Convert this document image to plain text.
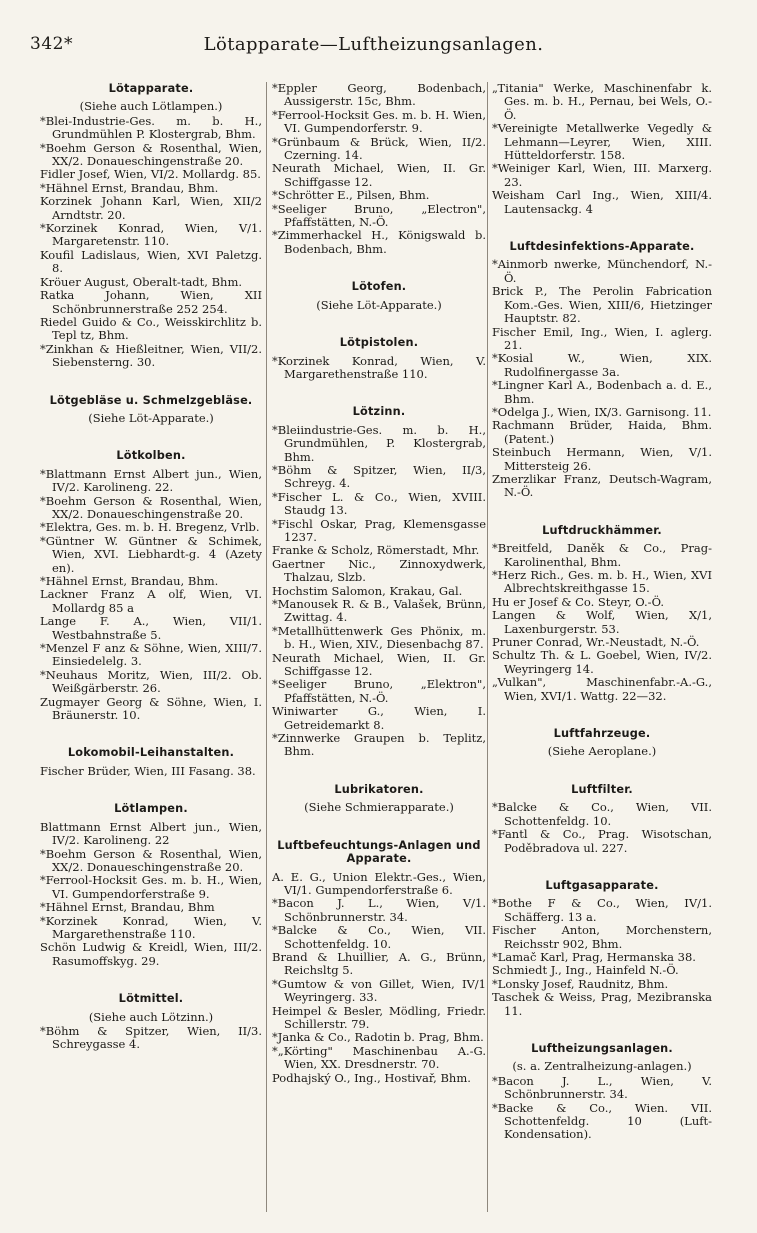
342*	Lötapparate—Luftheizungsanlagen.
Lötapparate.
(Siehe auch Lötlampen.)
*Blei-Industrie-Ges. m. b. H., Grundmühlen P. Klostergrab, Bhm.
*Boehm Gerson & Rosenthal, Wien, XX/2. Donaueschingenstraße 20.
Fidler Josef, Wien, VI/2. Mollardg. 85.
*Hähnel Ernst, Brandau, Bhm.
Korzinek Johann Karl, Wien, XII/2 Arndtstr. 20.
*Korzinek Konrad, Wien, V/1. Margaretenstr. 110.
Koufil Ladislaus, Wien, XVI Paletzg. 8.
Kröuer August, Oberalt-tadt, Bhm.
Ratka Johann, Wien, XII Schönbrunnerstraße 252 254.
Riedel Guido & Co., Weisskirchlitz b. Tepl tz, Bhm.
*Zinkhan & Hießleitner, Wien, VII/2. Siebensterng. 30.
Lötgebläse u. Schmelzgebläse.
(Siehe Löt-Apparate.)
Lötkolben.
*Blattmann Ernst Albert jun., Wien, IV/2. Karolineng. 22.
*Boehm Gerson & Rosenthal, Wien, XX/2. Donaueschingenstraße 20.
*Elektra, Ges. m. b. H. Bregenz, Vrlb.
*Güntner W. Güntner & Schimek, Wien, XVI. Liebhardt-g. 4 (Azety en).
*Hähnel Ernst, Brandau, Bhm.
Lackner Franz A olf, Wien, VI. Mollardg 85 a
Lange F. A., Wien, VII/1. Westbahnstraße 5.
*Menzel F anz & Söhne, Wien, XIII/7. Einsiedelelg. 3.
*Neuhaus Moritz, Wien, III/2. Ob. Weißgärberstr. 26.
Zugmayer Georg & Söhne, Wien, I. Bräunerstr. 10.
Lokomobil-Leihanstalten.
Fischer Brüder, Wien, III Fasang. 38.
Lötlampen.
Blattmann Ernst Albert jun., Wien, IV/2. Karolineng. 22
*Boehm Gerson & Rosenthal, Wien, XX/2. Donaueschingenstraße 20.
*Ferrool-Hocksit Ges. m. b. H., Wien, VI. Gumpendorferstraße 9.
*Hähnel Ernst, Brandau, Bhm
*Korzinek Konrad, Wien, V. Margarethenstraße 110.
Schön Ludwig & Kreidl, Wien, III/2. Rasumoffskyg. 29.
Lötmittel.
(Siehe auch Lötzinn.)
*Böhm & Spitzer, Wien, II/3. Schreygasse 4.
*Eppler Georg, Bodenbach, Aussigerstr. 15c, Bhm.
*Ferrool-Hocksit Ges. m. b. H. Wien, VI. Gumpendorferstr. 9.
*Grünbaum & Brück, Wien, II/2. Czerning. 14.
Neurath Michael, Wien, II. Gr. Schiffgasse 12.
*Schrötter E., Pilsen, Bhm.
*Seeliger Bruno, „Electron", Pfaffstätten, N.-Ö.
*Zimmerhackel H., Königswald b. Bodenbach, Bhm.
Lötofen.
(Siehe Löt-Apparate.)
Lötpistolen.
*Korzinek Konrad, Wien, V. Margarethenstraße 110.
Lötzinn.
*Bleiindustrie-Ges. m. b. H., Grundmühlen, P. Klostergrab, Bhm.
*Böhm & Spitzer, Wien, II/3, Schreyg. 4.
*Fischer L. & Co., Wien, XVIII. Staudg 13.
*Fischl Oskar, Prag, Klemensgasse 1237.
Franke & Scholz, Römerstadt, Mhr.
Gaertner Nic., Zinnoxydwerk, Thalzau, Slzb.
Hochstim Salomon, Krakau, Gal.
*Manousek R. & B., Valašek, Brünn, Zwittag. 4.
*Metallhüttenwerk Ges Phönix, m. b. H., Wien, XIV., Diesenbachg 87.
Neurath Michael, Wien, II. Gr. Schiffgasse 12.
*Seeliger Bruno, „Elektron", Pfaffstätten, N.-Ö.
Winiwarter G., Wien, I. Getreidemarkt 8.
*Zinnwerke Graupen b. Teplitz, Bhm.
Lubrikatoren.
(Siehe Schmierapparate.)
Luftbefeuchtungs-Anlagen und Apparate.
A. E. G., Union Elektr.-Ges., Wien, VI/1. Gumpendorferstraße 6.
*Bacon J. L., Wien, V/1. Schönbrunnerstr. 34.
*Balcke & Co., Wien, VII. Schottenfeldg. 10.
Brand & Lhuillier, A. G., Brünn, Reichsltg 5.
*Gumtow & von Gillet, Wien, IV/1 Weyringerg. 33.
Heimpel & Besler, Mödling, Friedr. Schillerstr. 79.
*Janka & Co., Radotin b. Prag, Bhm.
*„Körting" Maschinenbau A.-G. Wien, XX. Dresdnerstr. 70.
Podhajský O., Ing., Hostivař, Bhm.
„Titania" Werke, Maschinenfabr k. Ges. m. b. H., Pernau, bei Wels, O.-Ö.
*Vereinigte Metallwerke Vegedly & Lehmann—Leyrer, Wien, XIII. Hütteldorferstr. 158.
*Weiniger Karl, Wien, III. Marxerg. 23.
Weisham Carl Ing., Wien, XIII/4. Lautensackg. 4
Luftdesinfektions-Apparate.
*Ainmorb nwerke, Münchendorf, N.-Ö.
Brick P., The Perolin Fabrication Kom.-Ges. Wien, XIII/6, Hietzinger Hauptstr. 82.
Fischer Emil, Ing., Wien, I. aglerg. 21.
*Kosial W., Wien, XIX. Rudolfinergasse 3a.
*Lingner Karl A., Bodenbach a. d. E., Bhm.
*Odelga J., Wien, IX/3. Garnisong. 11.
Rachmann Brüder, Haida, Bhm. (Patent.)
Steinbuch Hermann, Wien, V/1. Mittersteig 26.
Zmerzlikar Franz, Deutsch-Wagram, N.-Ö.
Luftdruckhämmer.
*Breitfeld, Daněk & Co., Prag-Karolinenthal, Bhm.
*Herz Rich., Ges. m. b. H., Wien, XVI Albrechtskreithgasse 15.
Hu er Josef & Co. Steyr, O.-Ö.
Langen & Wolf, Wien, X/1, Laxenburgerstr. 53.
Pruner Conrad, Wr.-Neustadt, N.-Ö.
Schultz Th. & L. Goebel, Wien, IV/2. Weyringerg 14.
„Vulkan", Maschinenfabr.-A.-G., Wien, XVI/1. Wattg. 22—32.
Luftfahrzeuge.
(Siehe Aeroplane.)
Luftfilter.
*Balcke & Co., Wien, VII. Schottenfeldg. 10.
*Fantl & Co., Prag. Wisotschan, Poděbradova ul. 227.
Luftgasapparate.
*Bothe F & Co., Wien, IV/1. Schäfferg. 13 a.
Fischer Anton, Morchenstern, Reichsstr 902, Bhm.
*Lamač Karl, Prag, Hermanska 38.
Schmiedt J., Ing., Hainfeld N.-Ö.
*Lonsky Josef, Raudnitz, Bhm.
Taschek & Weiss, Prag, Mezibranska 11.
Luftheizungsanlagen.
(s. a. Zentralheizung-anlagen.)
*Bacon J. L., Wien, V. Schönbrunnerstr. 34.
*Backe & Co., Wien. VII. Schottenfeldg. 10 (Luft-Kondensation).
